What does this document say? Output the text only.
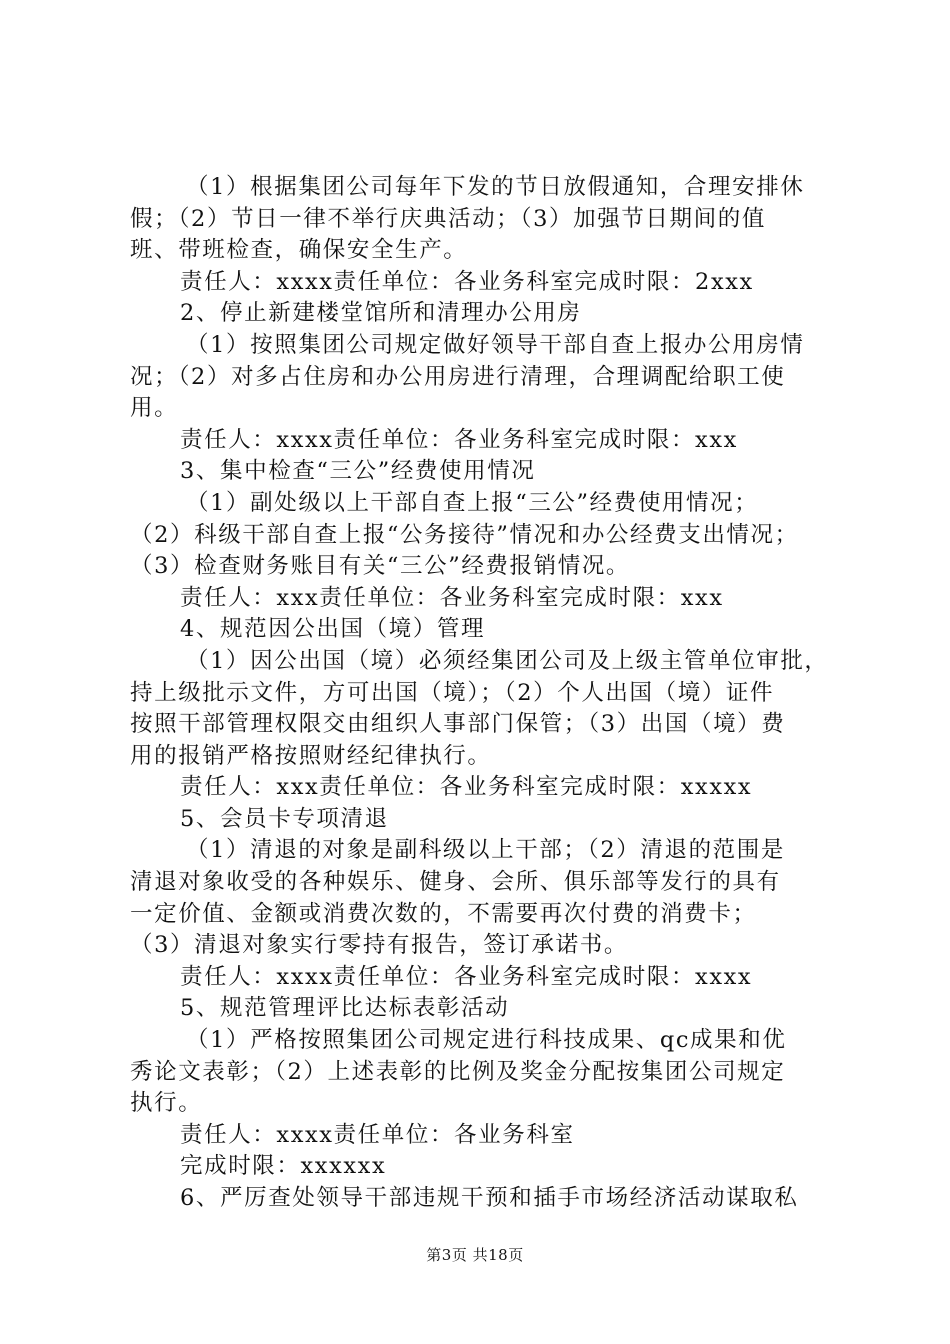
（1）根据集团公司每年下发的节日放假通知，合理安排休
假；（2）节日一律不举行庆典活动；（3）加强节日期间的值
班、带班检查，确保安全生产。
责任人：xxxx责任单位：各业务科室完成时限：2xxx
2、停止新建楼堂馆所和清理办公用房
（1）按照集团公司规定做好领导干部自查上报办公用房情
况；（2）对多占住房和办公用房进行清理，合理调配给职工使
用。
责任人：xxxx责任单位：各业务科室完成时限：xxx
3、集中检查“三公”经费使用情况
（1）副处级以上干部自查上报“三公”经费使用情况；
（2）科级干部自查上报“公务接待”情况和办公经费支出情况；
（3）检查财务账目有关“三公”经费报销情况。
责任人：xxx责任单位：各业务科室完成时限：xxx
4、规范因公出国（境）管理
（1）因公出国（境）必须经集团公司及上级主管单位审批，
持上级批示文件，方可出国（境）；（2）个人出国（境）证件
按照干部管理权限交由组织人事部门保管；（3）出国（境）费
用的报销严格按照财经纪律执行。
责任人：xxx责任单位：各业务科室完成时限：xxxxx
5、会员卡专项清退
（1）清退的对象是副科级以上干部；（2）清退的范围是
清退对象收受的各种娱乐、健身、会所、俱乐部等发行的具有
一定价值、金额或消费次数的，不需要再次付费的消费卡；
（3）清退对象实行零持有报告，签订承诺书。
责任人：xxxx责任单位：各业务科室完成时限：xxxx
5、规范管理评比达标表彰活动
（1）严格按照集团公司规定进行科技成果、qc成果和优
秀论文表彰；（2）上述表彰的比例及奖金分配按集团公司规定
执行。
责任人：xxxx责任单位：各业务科室
完成时限：xxxxxx
6、严厉查处领导干部违规干预和插手市场经济活动谋取私
第3页 共18页
